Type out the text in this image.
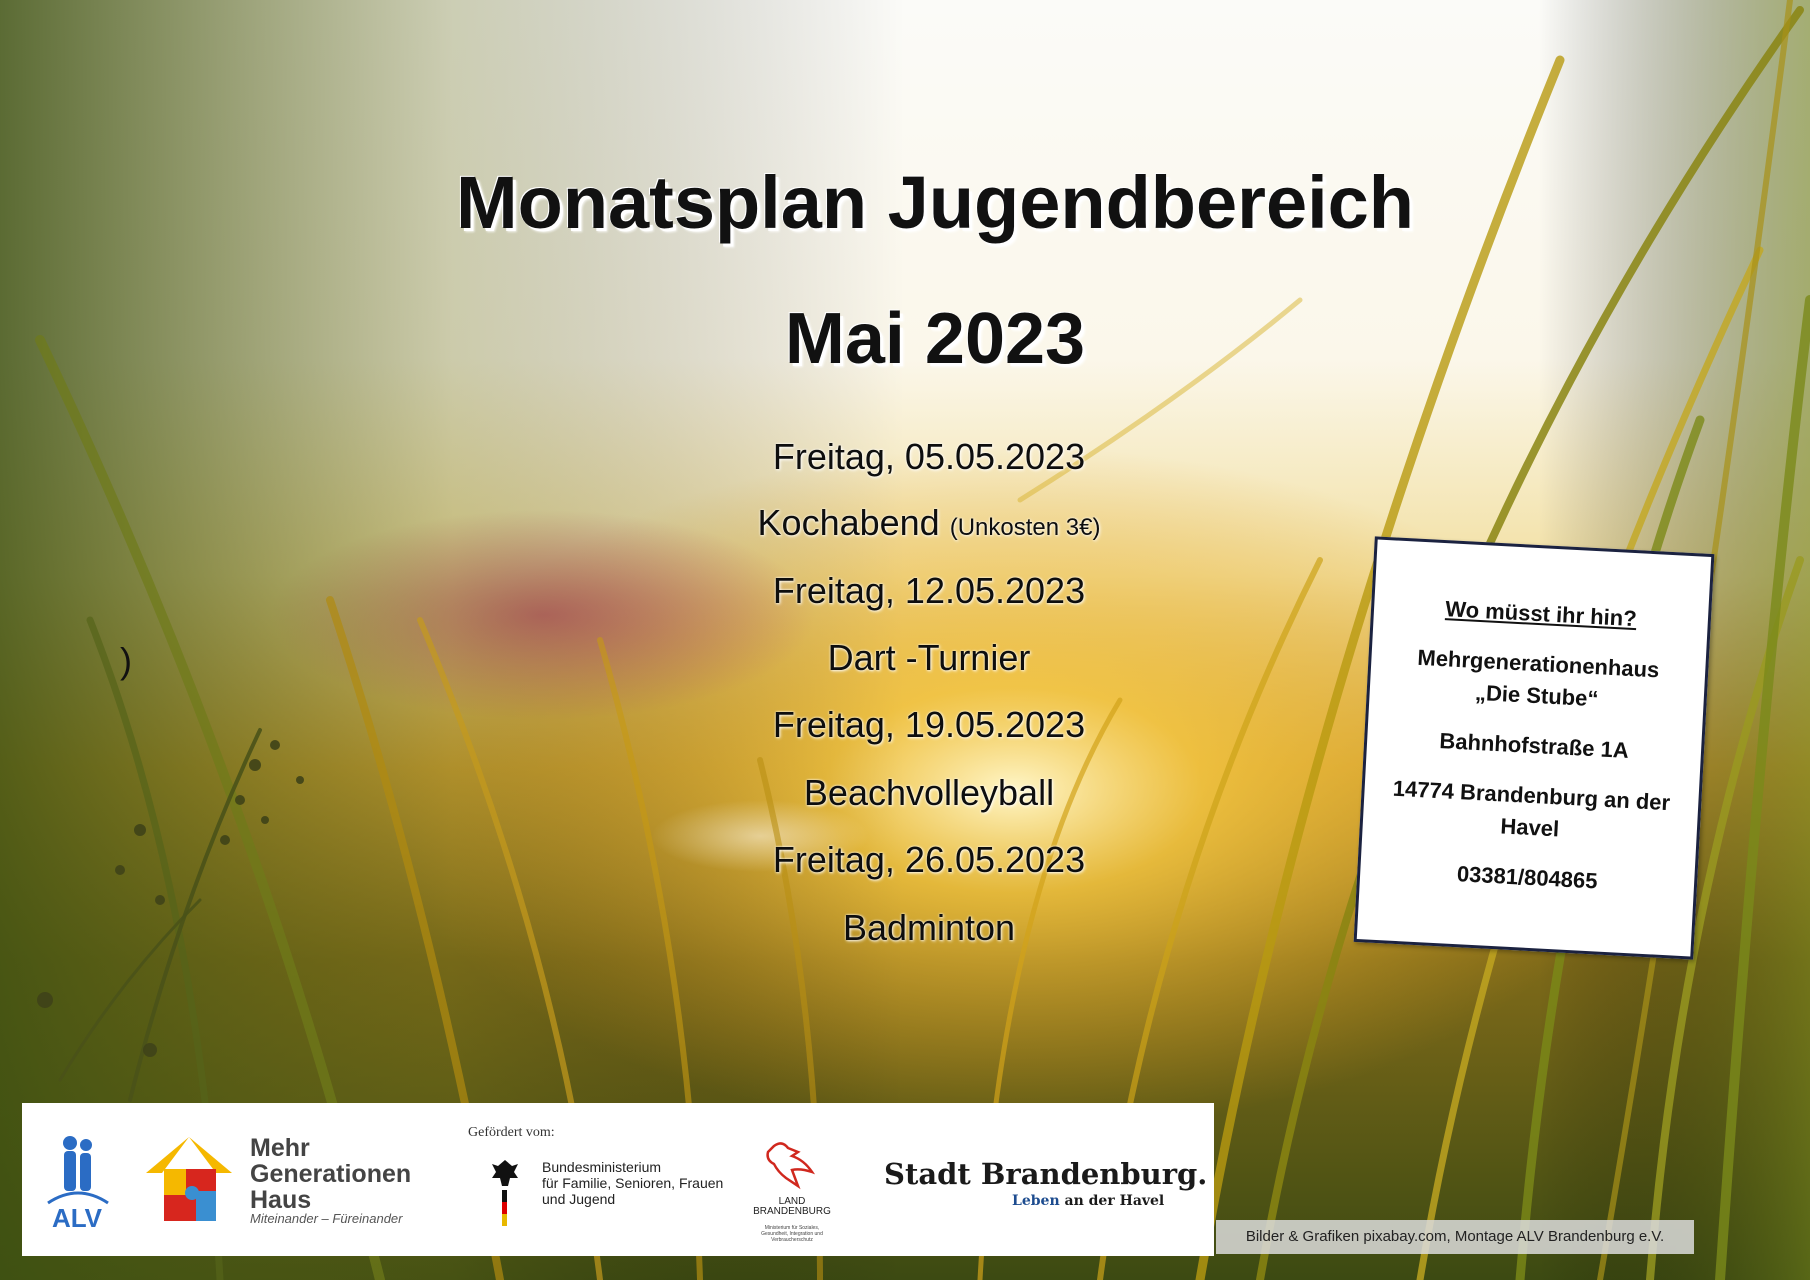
Monatsplan Jugendbereich
Mai 2023
Freitag, 05.05.2023
Kochabend (Unkosten 3€)
Freitag, 12.05.2023
Dart -Turnier
Freitag, 19.05.2023
Beachvolleyball
Freitag, 26.05.2023
Badminton
)
Wo müsst ihr hin?

Mehrgenerationenhaus
„Die Stube“

Bahnhofstraße 1A

14774 Brandenburg an der
Havel

03381/804865

ALV
Mehr
Generationen
Haus
Miteinander – Füreinander
Gefördert vom:
Bundesministerium
für Familie, Senioren, Frauen
und Jugend	LAND
BRANDENBURG
Ministerium für Soziales, Gesundheit, Integration und Verbraucherschutz
Stadt Brandenburg.
Leben an der Havel
Bilder & Grafiken pixabay.com, Montage ALV Brandenburg e.V.
